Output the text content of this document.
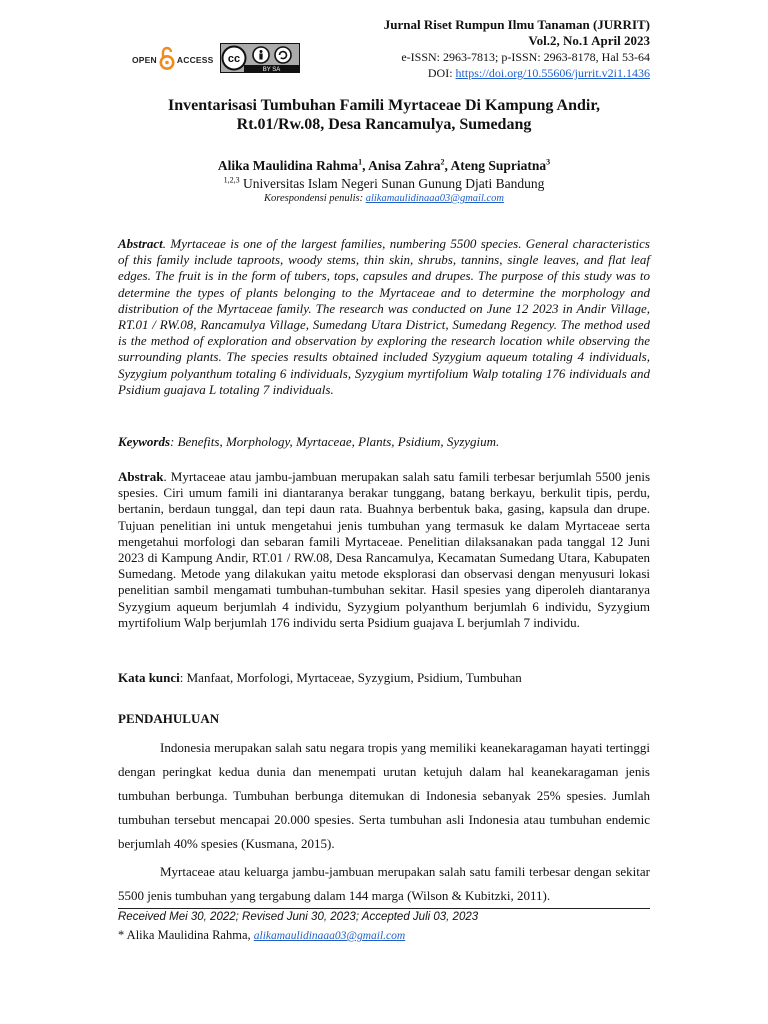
OPEN ACCESS cc
BY SA
Jurnal Riset Rumpun Ilmu Tanaman (JURRIT)
Vol.2, No.1 April 2023
e-ISSN: 2963-7813; p-ISSN: 2963-8178, Hal 53-64
DOI: https://doi.org/10.55606/jurrit.v2i1.1436
Inventarisasi Tumbuhan Famili Myrtaceae Di Kampung Andir,
Rt.01/Rw.08, Desa Rancamulya, Sumedang
Alika Maulidina Rahma$^1$, Anisa Zahra$^2$, Ateng Supriatna$^3$
$^{1,2,3}$ Universitas Islam Negeri Sunan Gunung Djati Bandung
Korespondensi penulis: alikamaulidinaaa03@gmail.com
Abstract. Myrtaceae is one of the largest families, numbering 5500 species. General characteristics of this family include taproots, woody stems, thin skin, shrubs, tannins, single leaves, and flat leaf edges. The fruit is in the form of tubers, tops, capsules and drupes. The purpose of this study was to determine the types of plants belonging to the Myrtaceae and to determine the morphology and distribution of the Myrtaceae family. The research was conducted on June 12 2023 in Andir Village, RT.01 / RW.08, Rancamulya Village, Sumedang Utara District, Sumedang Regency. The method used is the method of exploration and observation by exploring the research location while observing the surrounding plants. The species results obtained included Syzygium aqueum totaling 4 individuals, Syzygium polyanthum totaling 6 individuals, Syzygium myrtifolium Walp totaling 176 individuals and Psidium guajava L totaling 7 individuals.
Keywords: Benefits, Morphology, Myrtaceae, Plants, Psidium, Syzygium.
Abstrak. Myrtaceae atau jambu-jambuan merupakan salah satu famili terbesar berjumlah 5500 jenis spesies. Ciri umum famili ini diantaranya berakar tunggang, batang berkayu, berkulit tipis, perdu, bertanin, berdaun tunggal, dan tepi daun rata. Buahnya berbentuk baka, gasing, kapsula dan drupe. Tujuan penelitian ini untuk mengetahui jenis tumbuhan yang termasuk ke dalam Myrtaceae serta mengetahui morfologi dan sebaran famili Myrtaceae. Penelitian dilaksanakan pada tanggal 12 Juni 2023 di Kampung Andir, RT.01 / RW.08, Desa Rancamulya, Kecamatan Sumedang Utara, Kabupaten Sumedang. Metode yang dilakukan yaitu metode eksplorasi dan observasi dengan menyusuri lokasi penelitian sambil mengamati tumbuhan-tumbuhan sekitar. Hasil spesies yang diperoleh diantaranya Syzygium aqueum berjumlah 4 individu, Syzygium polyanthum berjumlah 6 individu, Syzygium myrtifolium Walp berjumlah 176 individu serta Psidium guajava L berjumlah 7 individu.
Kata kunci: Manfaat, Morfologi, Myrtaceae, Syzygium, Psidium, Tumbuhan
PENDAHULUAN
Indonesia merupakan salah satu negara tropis yang memiliki keanekaragaman hayati tertinggi dengan peringkat kedua dunia dan menempati urutan ketujuh dalam hal keanekaragaman jenis tumbuhan berbunga. Tumbuhan berbunga ditemukan di Indonesia sebanyak 25% spesies. Jumlah tumbuhan tersebut mencapai 20.000 spesies. Serta tumbuhan asli Indonesia atau tumbuhan endemic berjumlah 40% spesies (Kusmana, 2015).
Myrtaceae atau keluarga jambu-jambuan merupakan salah satu famili terbesar dengan sekitar 5500 jenis tumbuhan yang tergabung dalam 144 marga (Wilson & Kubitzki, 2011).
Received Mei 30, 2022; Revised Juni 30, 2023; Accepted Juli 03, 2023
* Alika Maulidina Rahma, alikamaulidinaaa03@gmail.com
